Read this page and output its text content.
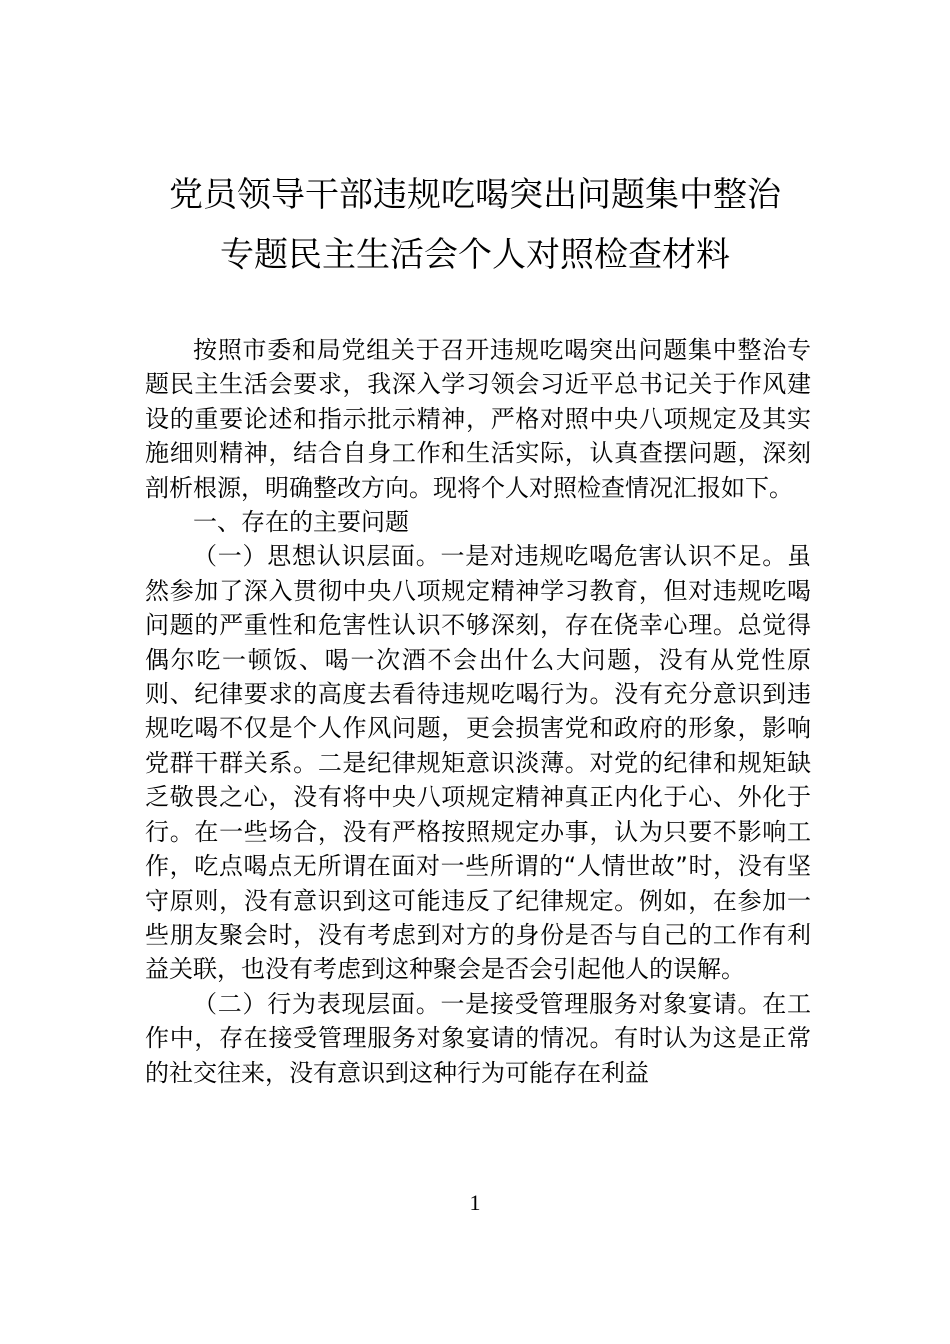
党员领导干部违规吃喝突出问题集中整治
专题民主生活会个人对照检查材料

按照市委和局党组关于召开违规吃喝突出问题集中整治专题民主生活会要求，我深入学习领会习近平总书记关于作风建设的重要论述和指示批示精神，严格对照中央八项规定及其实施细则精神，结合自身工作和生活实际，认真查摆问题，深刻剖析根源，明确整改方向。现将个人对照检查情况汇报如下。

一、存在的主要问题

（一）思想认识层面。一是对违规吃喝危害认识不足。虽然参加了深入贯彻中央八项规定精神学习教育，但对违规吃喝问题的严重性和危害性认识不够深刻，存在侥幸心理。总觉得偶尔吃一顿饭、喝一次酒不会出什么大问题，没有从党性原则、纪律要求的高度去看待违规吃喝行为。没有充分意识到违规吃喝不仅是个人作风问题，更会损害党和政府的形象，影响党群干群关系。二是纪律规矩意识淡薄。对党的纪律和规矩缺乏敬畏之心，没有将中央八项规定精神真正内化于心、外化于行。在一些场合，没有严格按照规定办事，认为只要不影响工作，吃点喝点无所谓在面对一些所谓的“人情世故”时，没有坚守原则，没有意识到这可能违反了纪律规定。例如，在参加一些朋友聚会时，没有考虑到对方的身份是否与自己的工作有利益关联，也没有考虑到这种聚会是否会引起他人的误解。

（二）行为表现层面。一是接受管理服务对象宴请。在工作中，存在接受管理服务对象宴请的情况。有时认为这是正常的社交往来，没有意识到这种行为可能存在利益

1
